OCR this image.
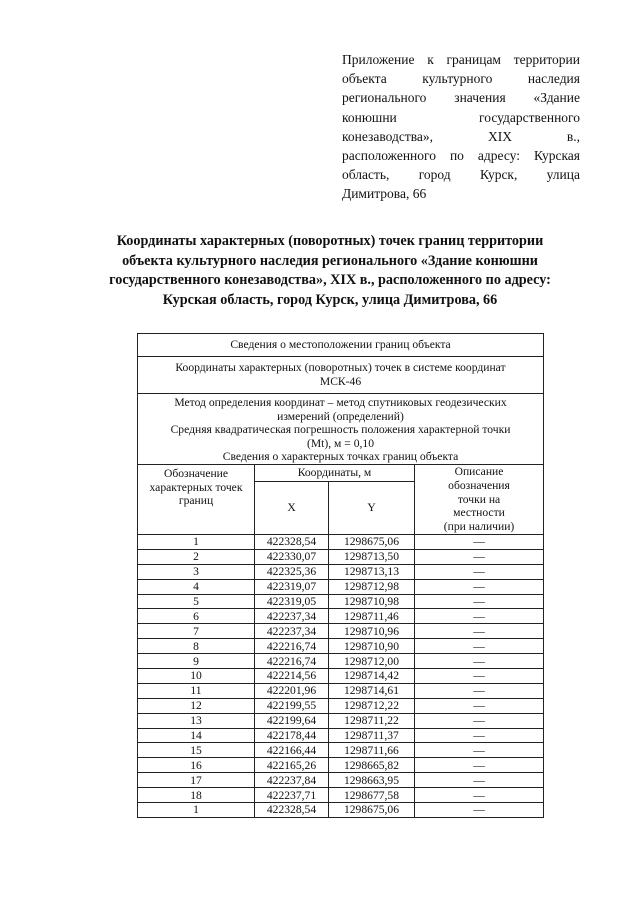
Приложение к границам территории
объекта культурного наследия
регионального значения «Здание
конюшни государственного
конезаводства», XIX в.,
расположенного по адресу: Курская
область, город Курск, улица
Димитрова, 66
Координаты характерных (поворотных) точек границ территории
объекта культурного наследия регионального «Здание конюшни
государственного конезаводства», XIX в., расположенного по адресу:
Курская область, город Курск, улица Димитрова, 66
Сведения о местоположении границ объекта			

Координаты характерных (поворотных) точек в системе координат
МСК-46			

Метод определения координат – метод спутниковых геодезических
измерений (определений)
Средняя квадратическая погрешность положения характерной точки
(Mt), м = 0,10
Сведения о характерных точках границ объекта			

Обозначение
характерных точек
границ	Координаты, м		Описание
обозначения
точки на
местности
(при наличии)

	X	Y	
1	422328,54	1298675,06	—
2	422330,07	1298713,50	—
3	422325,36	1298713,13	—
4	422319,07	1298712,98	—
5	422319,05	1298710,98	—
6	422237,34	1298711,46	—
7	422237,34	1298710,96	—
8	422216,74	1298710,90	—
9	422216,74	1298712,00	—
10	422214,56	1298714,42	—
11	422201,96	1298714,61	—
12	422199,55	1298712,22	—
13	422199,64	1298711,22	—
14	422178,44	1298711,37	—
15	422166,44	1298711,66	—
16	422165,26	1298665,82	—
17	422237,84	1298663,95	—
18	422237,71	1298677,58	—
1	422328,54	1298675,06	—
